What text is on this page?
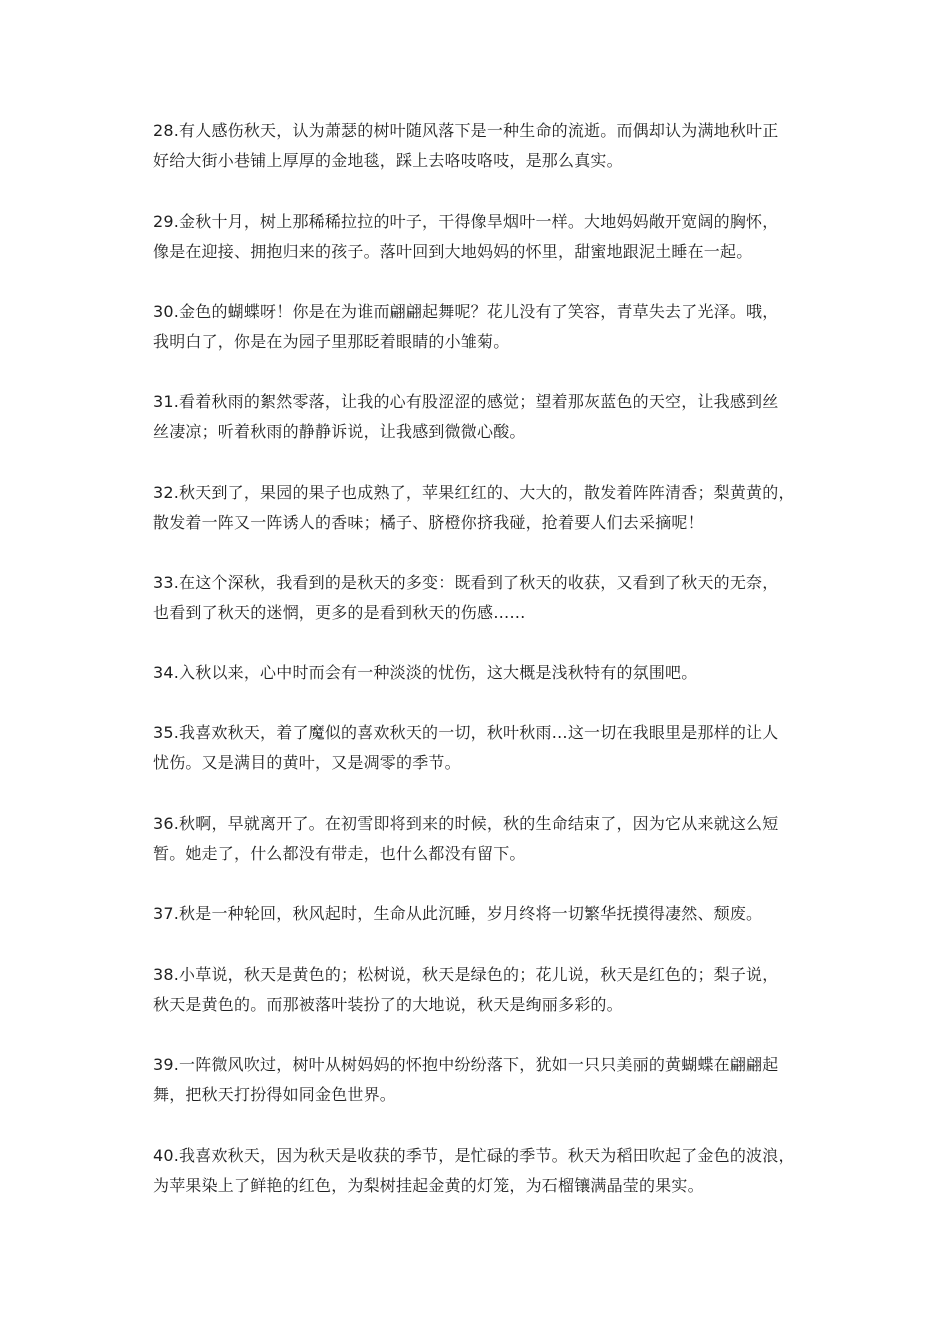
28.有人感伤秋天，认为萧瑟的树叶随风落下是一种生命的流逝。而偶却认为满地秋叶正
好给大街小巷铺上厚厚的金地毯，踩上去咯吱咯吱，是那么真实。

29.金秋十月，树上那稀稀拉拉的叶子，干得像旱烟叶一样。大地妈妈敞开宽阔的胸怀，
像是在迎接、拥抱归来的孩子。落叶回到大地妈妈的怀里，甜蜜地跟泥土睡在一起。

30.金色的蝴蝶呀！你是在为谁而翩翩起舞呢？花儿没有了笑容，青草失去了光泽。哦，
我明白了，你是在为园子里那眨着眼睛的小雏菊。

31.看着秋雨的絮然零落，让我的心有股涩涩的感觉；望着那灰蓝色的天空，让我感到丝
丝凄凉；听着秋雨的静静诉说，让我感到微微心酸。

32.秋天到了，果园的果子也成熟了，苹果红红的、大大的，散发着阵阵清香；梨黄黄的，
散发着一阵又一阵诱人的香味；橘子、脐橙你挤我碰，抢着要人们去采摘呢！

33.在这个深秋，我看到的是秋天的多变：既看到了秋天的收获，又看到了秋天的无奈，
也看到了秋天的迷惘，更多的是看到秋天的伤感……

34.入秋以来，心中时而会有一种淡淡的忧伤，这大概是浅秋特有的氛围吧。

35.我喜欢秋天，着了魔似的喜欢秋天的一切，秋叶秋雨…这一切在我眼里是那样的让人
忧伤。又是满目的黄叶，又是凋零的季节。

36.秋啊，早就离开了。在初雪即将到来的时候，秋的生命结束了，因为它从来就这么短
暂。她走了，什么都没有带走，也什么都没有留下。

37.秋是一种轮回，秋风起时，生命从此沉睡，岁月终将一切繁华抚摸得凄然、颓废。

38.小草说，秋天是黄色的；松树说，秋天是绿色的；花儿说，秋天是红色的；梨子说，
秋天是黄色的。而那被落叶装扮了的大地说，秋天是绚丽多彩的。

39.一阵微风吹过，树叶从树妈妈的怀抱中纷纷落下，犹如一只只美丽的黄蝴蝶在翩翩起
舞，把秋天打扮得如同金色世界。

40.我喜欢秋天，因为秋天是收获的季节，是忙碌的季节。秋天为稻田吹起了金色的波浪，
为苹果染上了鲜艳的红色，为梨树挂起金黄的灯笼，为石榴镶满晶莹的果实。
